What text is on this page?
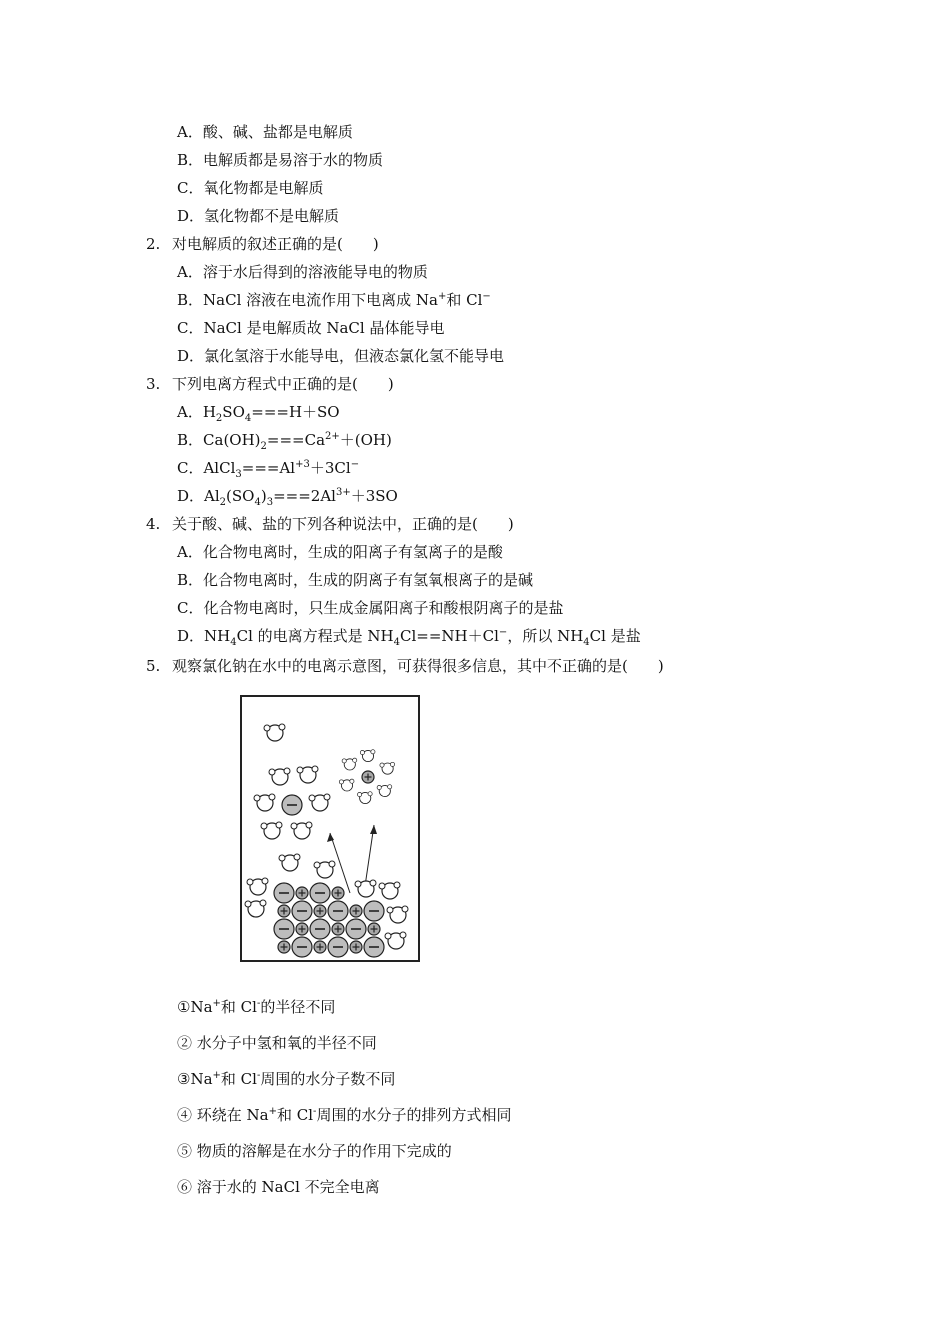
A．酸、碱、盐都是电解质
B．电解质都是易溶于水的物质
C．氧化物都是电解质
D．氢化物都不是电解质
2. 对电解质的叙述正确的是(　　)
A．溶于水后得到的溶液能导电的物质
B．NaCl 溶液在电流作用下电离成 Na+和 Cl−
C．NaCl 是电解质故 NaCl 晶体能导电
D．氯化氢溶于水能导电，但液态氯化氢不能导电
3. 下列电离方程式中正确的是(　　)
A．$H_2SO_4===H+SO$
B．$Ca(OH)_2===Ca^{2+}+(OH)$
C．$AlCl_3===Al^{+3}+3Cl^-$
D．$Al_2(SO_4)_3===2Al^{3+}+3SO$
4. 关于酸、碱、盐的下列各种说法中，正确的是(　　)
A．化合物电离时，生成的阳离子有氢离子的是酸
B．化合物电离时，生成的阴离子有氢氧根离子的是碱
C．化合物电离时，只生成金属阳离子和酸根阴离子的是盐
D．$NH_4Cl$ 的电离方程式是 $NH_4Cl==NH+Cl^-$，所以 $NH_4Cl$ 是盐
5. 观察氯化钠在水中的电离示意图，可获得很多信息，其中不正确的是(　　)
①Na+和 Cl-的半径不同
② 水分子中氢和氧的半径不同
③Na+和 Cl-周围的水分子数不同
④ 环绕在 Na+和 Cl-周围的水分子的排列方式相同
⑤ 物质的溶解是在水分子的作用下完成的
⑥ 溶于水的 NaCl 不完全电离
